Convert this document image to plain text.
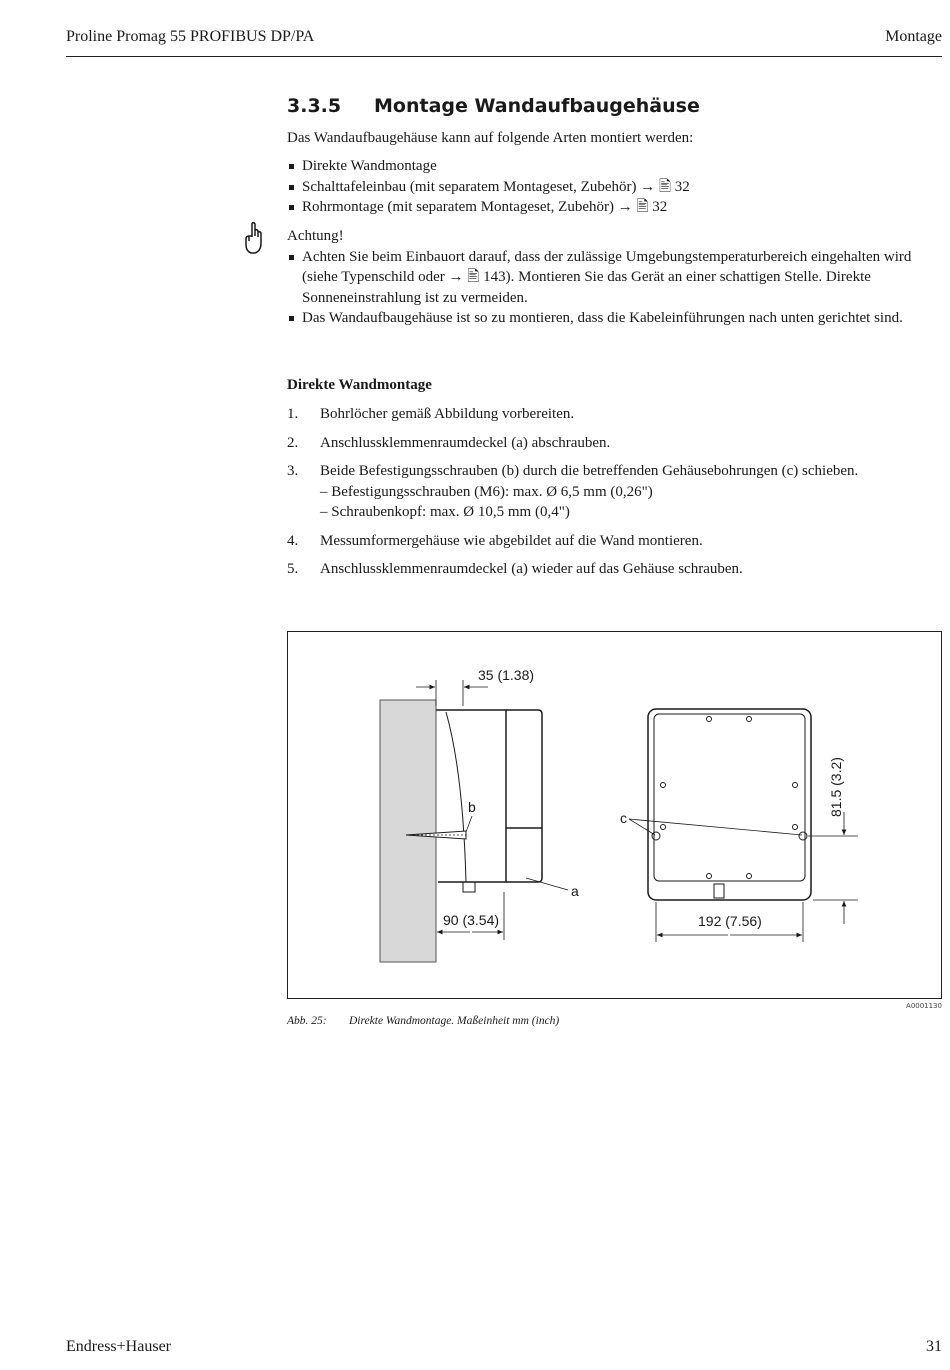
Proline Promag 55 PROFIBUS DP/PA	Montage
3.3.5 Montage Wandaufbaugehäuse
Das Wandaufbaugehäuse kann auf folgende Arten montiert werden:
Direkte Wandmontage
Schalttafeleinbau (mit separatem Montageset, Zubehör) → 🖹 32
Rohrmontage (mit separatem Montageset, Zubehör) → 🖹 32
Achtung!
Achten Sie beim Einbauort darauf, dass der zulässige Umgebungstemperaturbereich eingehalten wird (siehe Typenschild oder → 🖹 143). Montieren Sie das Gerät an einer schattigen Stelle. Direkte Sonneneinstrahlung ist zu vermeiden.
Das Wandaufbaugehäuse ist so zu montieren, dass die Kabeleinführungen nach unten gerichtet sind.
Direkte Wandmontage
1.	Bohrlöcher gemäß Abbildung vorbereiten.
2.	Anschlussklemmenraumdeckel (a) abschrauben.
3.	Beide Befestigungsschrauben (b) durch die betreffenden Gehäusebohrungen (c) schieben.
– Befestigungsschrauben (M6): max. Ø 6,5 mm (0,26")
– Schraubenkopf: max. Ø 10,5 mm (0,4")
4.	Messumformergehäuse wie abgebildet auf die Wand montieren.
5.	Anschlussklemmenraumdeckel (a) wieder auf das Gehäuse schrauben.
b
a
35 (1.38)
90 (3.54)
c
192 (7.56)
81.5 (3.2)
A0001130
Abb. 25: Direkte Wandmontage. Maßeinheit mm (inch)
Endress+Hauser	31
